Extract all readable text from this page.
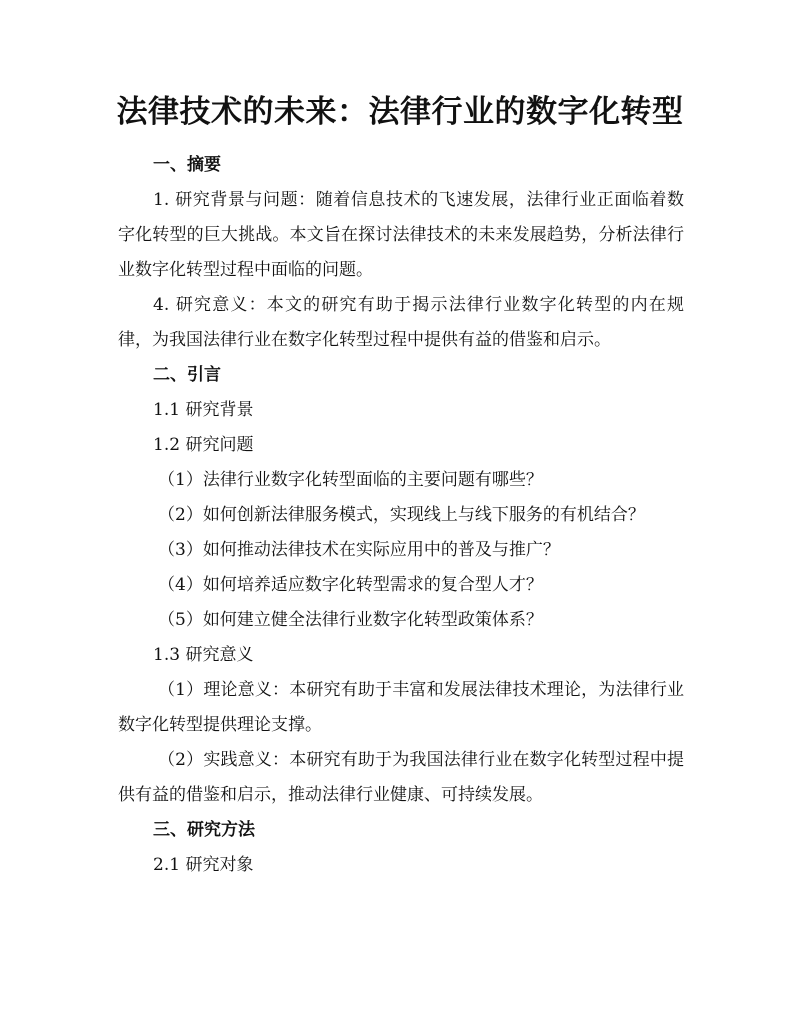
法律技术的未来：法律行业的数字化转型
一、摘要
1. 研究背景与问题：随着信息技术的飞速发展，法律行业正面临着数字化转型的巨大挑战。本文旨在探讨法律技术的未来发展趋势，分析法律行业数字化转型过程中面临的问题。
4. 研究意义：本文的研究有助于揭示法律行业数字化转型的内在规律，为我国法律行业在数字化转型过程中提供有益的借鉴和启示。
二、引言
1.1 研究背景
1.2 研究问题
（1）法律行业数字化转型面临的主要问题有哪些？
（2）如何创新法律服务模式，实现线上与线下服务的有机结合？
（3）如何推动法律技术在实际应用中的普及与推广？
（4）如何培养适应数字化转型需求的复合型人才？
（5）如何建立健全法律行业数字化转型政策体系？
1.3 研究意义
（1）理论意义：本研究有助于丰富和发展法律技术理论，为法律行业数字化转型提供理论支撑。
（2）实践意义：本研究有助于为我国法律行业在数字化转型过程中提供有益的借鉴和启示，推动法律行业健康、可持续发展。
三、研究方法
2.1 研究对象
